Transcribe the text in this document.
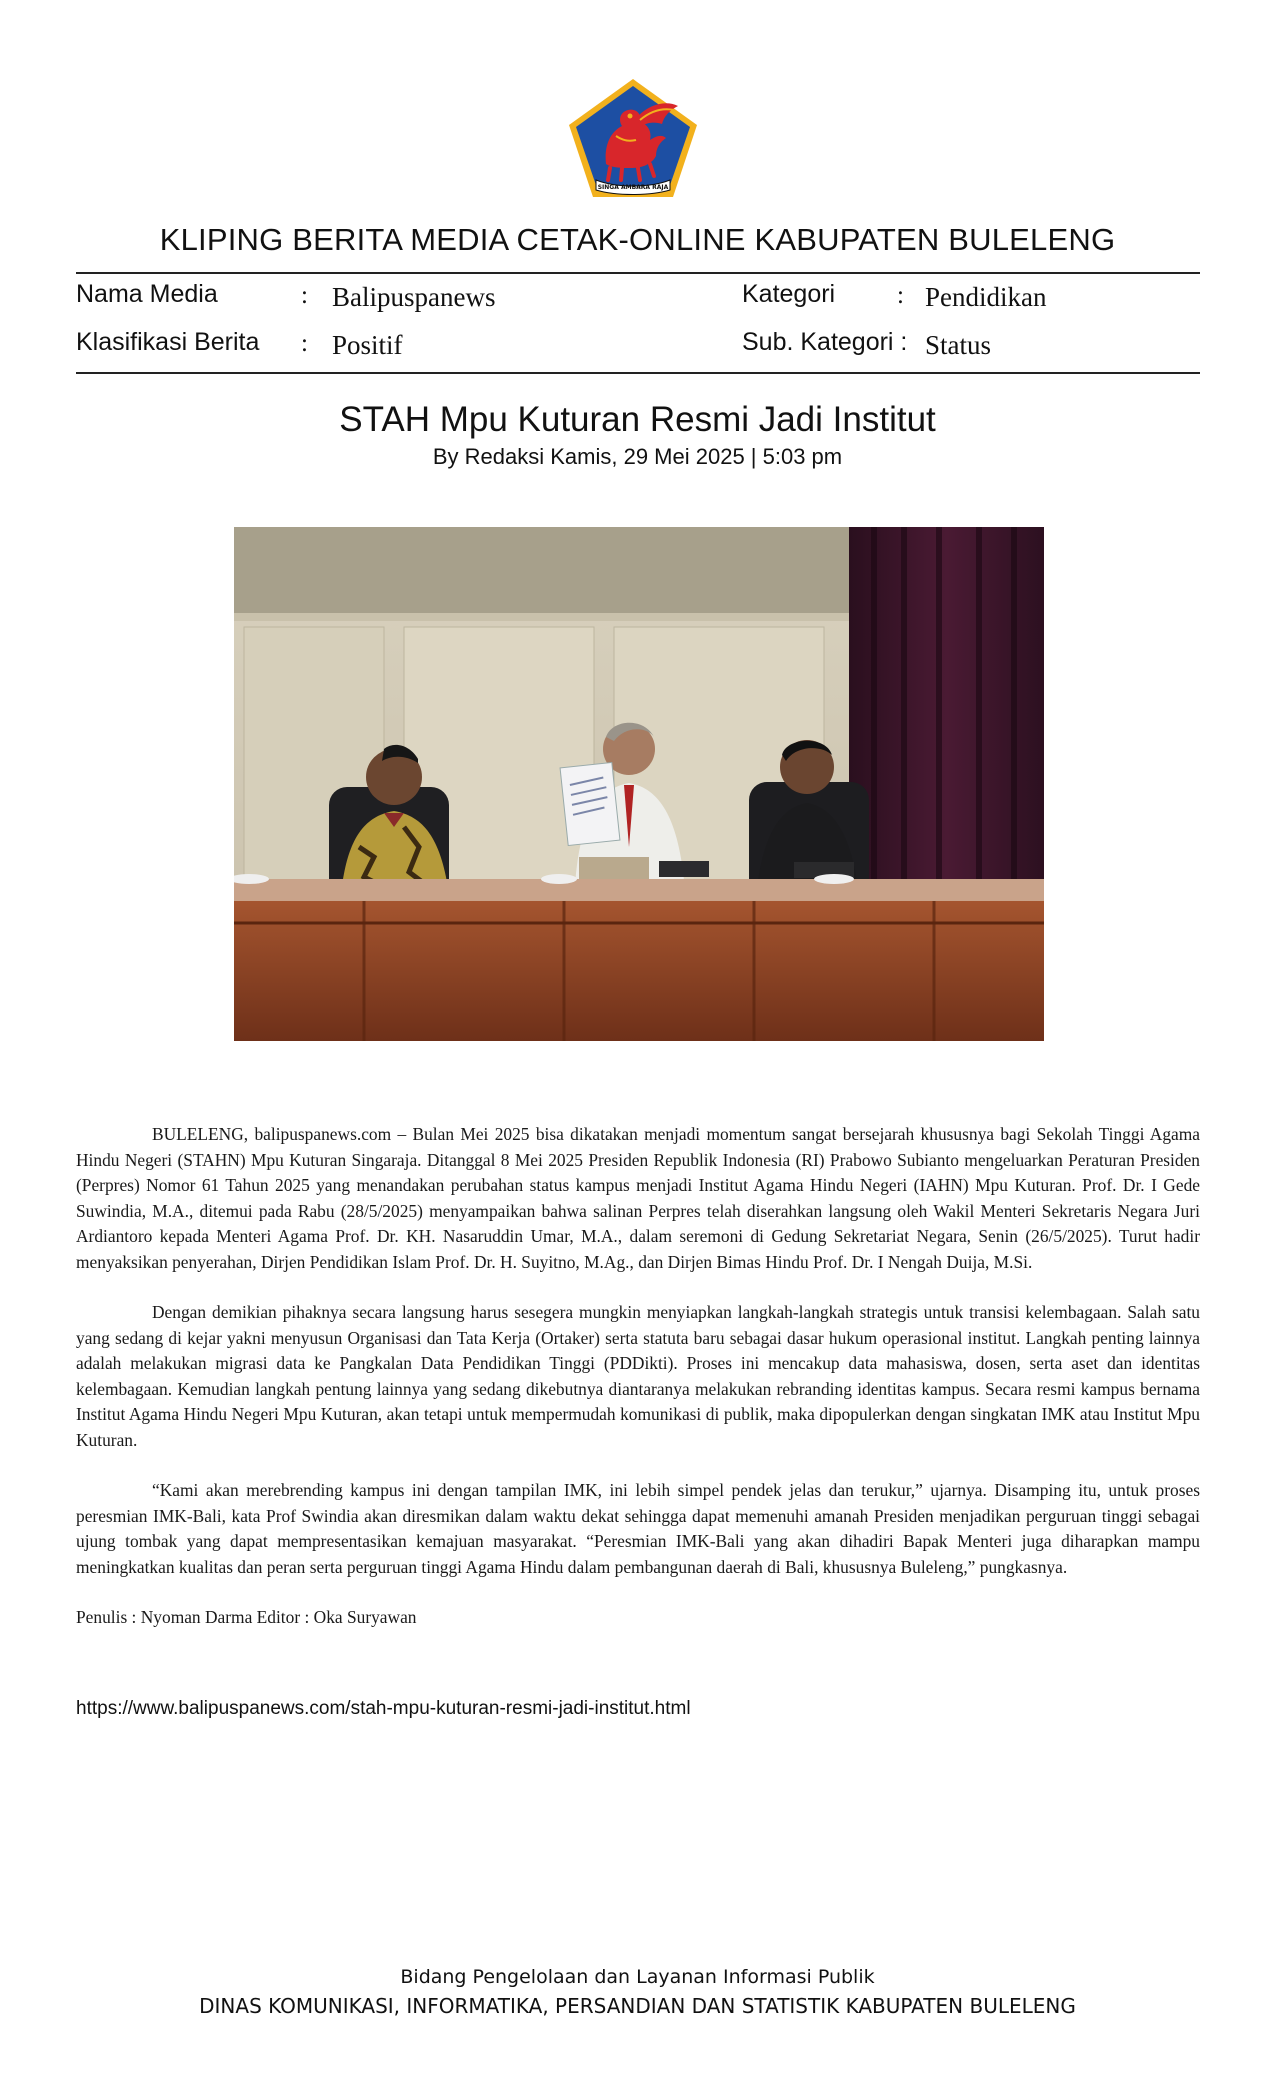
SINGA AMBARA RAJA
KLIPING BERITA MEDIA CETAK-ONLINE KABUPATEN BULELENG
Nama Media	: Balipuspanews	Kategori : Pendidikan
Klasifikasi Berita : Positif	Sub. Kategori : Status
STAH Mpu Kuturan Resmi Jadi Institut
By Redaksi Kamis, 29 Mei 2025 | 5:03 pm

BULELENG, balipuspanews.com – Bulan Mei 2025 bisa dikatakan menjadi momentum sangat bersejarah khususnya bagi Sekolah Tinggi Agama Hindu Negeri (STAHN) Mpu Kuturan Singaraja. Ditanggal 8 Mei 2025 Presiden Republik Indonesia (RI) Prabowo Subianto mengeluarkan Peraturan Presiden (Perpres) Nomor 61 Tahun 2025 yang menandakan perubahan status kampus menjadi Institut Agama Hindu Negeri (IAHN) Mpu Kuturan. Prof. Dr. I Gede Suwindia, M.A., ditemui pada Rabu (28/5/2025) menyampaikan bahwa salinan Perpres telah diserahkan langsung oleh Wakil Menteri Sekretaris Negara Juri Ardiantoro kepada Menteri Agama Prof. Dr. KH. Nasaruddin Umar, M.A., dalam seremoni di Gedung Sekretariat Negara, Senin (26/5/2025). Turut hadir menyaksikan penyerahan, Dirjen Pendidikan Islam Prof. Dr. H. Suyitno, M.Ag., dan Dirjen Bimas Hindu Prof. Dr. I Nengah Duija, M.Si.

Dengan demikian pihaknya secara langsung harus sesegera mungkin menyiapkan langkah-langkah strategis untuk transisi kelembagaan. Salah satu yang sedang di kejar yakni menyusun Organisasi dan Tata Kerja (Ortaker) serta statuta baru sebagai dasar hukum operasional institut. Langkah penting lainnya adalah melakukan migrasi data ke Pangkalan Data Pendidikan Tinggi (PDDikti). Proses ini mencakup data mahasiswa, dosen, serta aset dan identitas kelembagaan. Kemudian langkah pentung lainnya yang sedang dikebutnya diantaranya melakukan rebranding identitas kampus. Secara resmi kampus bernama Institut Agama Hindu Negeri Mpu Kuturan, akan tetapi untuk mempermudah komunikasi di publik, maka dipopulerkan dengan singkatan IMK atau Institut Mpu Kuturan.

“Kami akan merebrending kampus ini dengan tampilan IMK, ini lebih simpel pendek jelas dan terukur,” ujarnya. Disamping itu, untuk proses peresmian IMK-Bali, kata Prof Swindia akan diresmikan dalam waktu dekat sehingga dapat memenuhi amanah Presiden menjadikan perguruan tinggi sebagai ujung tombak yang dapat mempresentasikan kemajuan masyarakat. “Peresmian IMK-Bali yang akan dihadiri Bapak Menteri juga diharapkan mampu meningkatkan kualitas dan peran serta perguruan tinggi Agama Hindu dalam pembangunan daerah di Bali, khususnya Buleleng,” pungkasnya.

Penulis : Nyoman Darma Editor : Oka Suryawan

https://www.balipuspanews.com/stah-mpu-kuturan-resmi-jadi-institut.html
Bidang Pengelolaan dan Layanan Informasi Publik
DINAS KOMUNIKASI, INFORMATIKA, PERSANDIAN DAN STATISTIK KABUPATEN BULELENG
